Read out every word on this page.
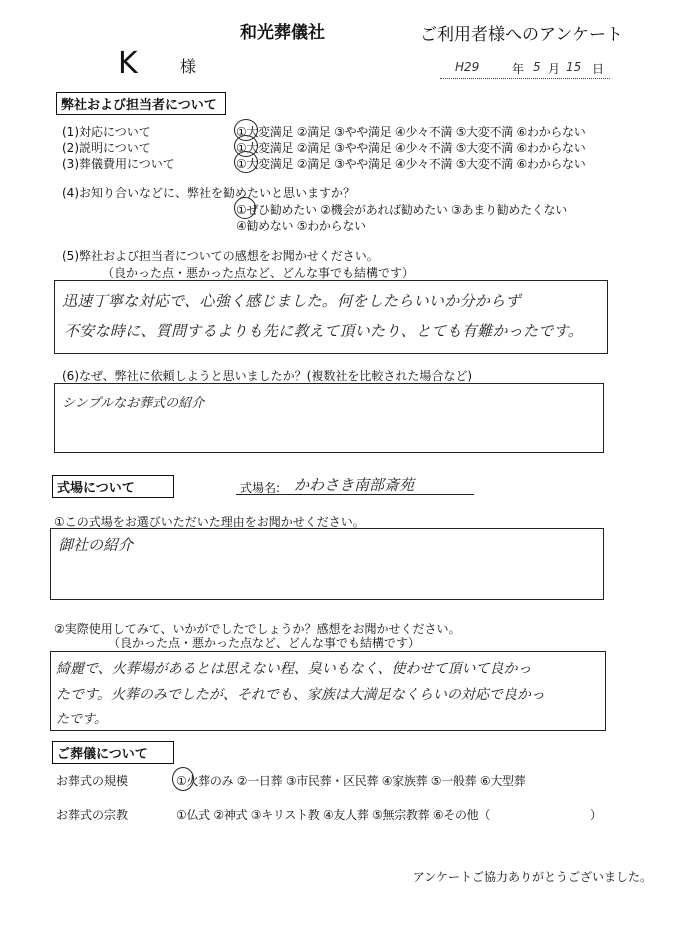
和光葬儀社	ご利用者様へのアンケート
K	様	H29	年 5 月 15 日
弊社および担当者について
(1)対応について	①大変満足 ②満足 ③やや満足 ④少々不満 ⑤大変不満 ⑥わからない
(2)説明について	①大変満足 ②満足 ③やや満足 ④少々不満 ⑤大変不満 ⑥わからない
(3)葬儀費用について	①大変満足 ②満足 ③やや満足 ④少々不満 ⑤大変不満 ⑥わからない
(4)お知り合いなどに、弊社を勧めたいと思いますか？
①ぜひ勧めたい ②機会があれば勧めたい ③あまり勧めたくない
④勧めない ⑤わからない
(5)弊社および担当者についての感想をお聞かせください。
（良かった点・悪かった点など、どんな事でも結構です）
迅速丁寧な対応で、心強く感じました。何をしたらいいか分からず
不安な時に、質問するよりも先に教えて頂いたり、とても有難かったです。
(6)なぜ、弊社に依頼しようと思いましたか？(複数社を比較された場合など)
シンプルなお葬式の紹介
式場について	式場名: かわさき南部斎苑
①この式場をお選びいただいた理由をお聞かせください。
御社の紹介
②実際使用してみて、いかがでしたでしょうか？感想をお聞かせください。
（良かった点・悪かった点など、どんな事でも結構です）
綺麗で、火葬場があるとは思えない程、臭いもなく、使わせて頂いて良かっ
たです。火葬のみでしたが、それでも、家族は大満足なくらいの対応で良かっ
たです。
ご葬儀について
お葬式の規模	①火葬のみ ②一日葬 ③市民葬・区民葬 ④家族葬 ⑤一般葬 ⑥大型葬
お葬式の宗教	①仏式 ②神式 ③キリスト教 ④友人葬 ⑤無宗教葬 ⑥その他（	）
アンケートご協力ありがとうございました。
